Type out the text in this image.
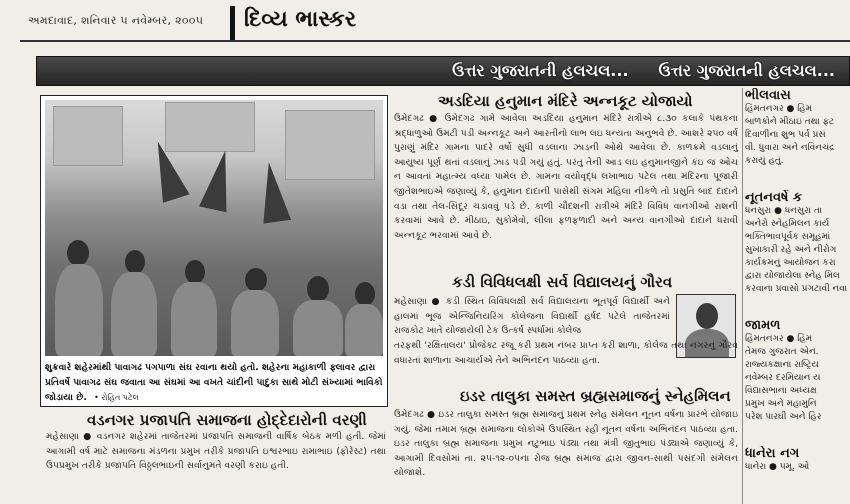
અમદાવાદ, શનિવાર ૫ નવેમ્બર, ૨૦૦૫ દિવ્ય ભાસ્કર
ઉત્તર ગુજરાતની હલચલ... ઉત્તર ગુજરાતની હલચલ...
શુક્રવારે શહેરમાંથી પાવાગઢ પગપાળા સંઘ રવાના થયો હતો. શહેરના મહાકાળી ફ્લાવર દ્વારા પ્રતિવર્ષે પાવાગઢ સંઘ જવાતા આ સંઘમાં આ વખતે ચાંદીની પાદુકા સાથે મોટી સંખ્યામાં ભાવિકો જોડાયા છે. • રોહિત પટેલ
અડદિયા હનુમાન મંદિરે અન્નકૂટ યોજાયો
ઉમેદગઢ ● ઉમેદગઢ ગામે આવેલા અડદિયા હનુમાન મંદિરે રાત્રીએ ૮.૩૦ કલાકે પંથકના શ્રદ્ધાળુઓ ઉમટી પડી અન્નકૂટ અને આરતીનો લાભ લઇ ધન્યતા અનુભવે છે. આશરે ૨૫૦ વર્ષ પુરાણું મંદિર ગામના પાદરે વર્ષો સુધી વડલાના ઝાડની ઓથે આવેલા છે. કાળક્રમે વડલાનું આયુષ્ય પૂર્ણ થતાં વડલાનું ઝાડ પડી ગયું હતું. પરંતુ તેની આડ લઇ હનુમાનજીને કંઇ જ ઓચ ન આવતાં મહાત્મ્ય વધ્યા પામેલ છે. ગામના વયોવૃદ્ધ લખાભાઇ પટેલ તથા મંદિરના પૂજારી જીતેશભાઇએ જણાવ્યું કે, હનુમાન દાદાની પાસેથી સંગમ મહિલા નીકળે તો પ્રસુતિ બાદ દાદાને વડા તથા તેલ-સિંદૂર ચડાવવું પડે છે. કાળી ચૌદશની રાત્રીએ મંદિરે વિવિધ વાનગીઓ રાશની કરવામાં આવે છે. મીઠાઇ, સુકોમેવો, લીલા ફળફળાદી અને અન્ય વાનગીઓ દાદાને ધરાવી અન્નકૂટ ભરવામાં આવે છે.
કડી વિવિધલક્ષી સર્વ વિદ્યાલયનું ગૌરવ
મહેસાણા ● કડી સ્થિત વિવિધલક્ષી સર્વ વિદ્યાલયના ભૂતપૂર્વ વિદ્યાર્થી અને હાલમાં ભૂજ એન્જિનિયરિંગ કોલેજના વિદ્યાર્થી હર્ષદ પટેલે તાજેતરમાં રાજકોટ ખાતે યોજાયેલી ટેક ઉત્કર્ષ સ્પર્ધામાં કોલેજ
તરફથી 'રક્ષિતાલય' પ્રોજેક્ટ રજૂ કરી પ્રથમ નંબર પ્રાપ્ત કરી શાળા, કોલેજ તથા નગરનું ગૌરવ વધારતાં શાળાના આચાર્યએ તેને અભિનંદન પાઠવ્યા હતા.
ઇડર તાલુકા સમસ્ત બ્રહ્મસમાજનું સ્નેહમિલન
ઉમેદગઢ ● ઇડર તાલુકા સમસ્ત બ્રહ્મ સમાજનું પ્રથમ સ્નેહ સંમેલન નૂતન વર્ષના પ્રારંભે યોજાઇ ગયું. જેમાં તમામ બ્રહ્મ સમાજના લોકોએ ઉપસ્થિત રહી નૂતન વર્ષના અભિનંદન પાઠવ્યા હતા. ઇડર તાલુકા બ્રહ્મ સમાજના પ્રમુખ નટુભાઇ પંડ્યા તથા મંત્રી જીતુભાઇ પંડ્યાએ જણાવ્યું કે, આગામી દિવસોમાં તા. ૨૫-૧૨-૦૫ના રોજ બ્રહ્મ સમાજ દ્વારા જીવન-સાથી પસંદગી સંમેલન યોજાશે.
વડનગર પ્રજાપતિ સમાજના હોદ્દેદારોની વરણી
મહેસાણા ● વડનગર શહેરમાં તાજેતરમાં પ્રજાપતિ સમાજની વાર્ષિક બેઠક મળી હતી. જેમાં આગામી વર્ષ માટે સમાજના મંડળના પ્રમુખ તરીકે પ્રજાપતિ ઇશ્વરભાઇ રામાભાઇ (ફોરેસ્ટ) તથા ઉપપ્રમુખ તરીકે પ્રજાપતિ વિઠ્ઠલભાઇની સર્વાનુમતે વરણી કરાઇ હતી.
ભીલવાસ
હિંમતનગર ● હિંમ
બાળકોને મીઠાઇ તથા ફટ
દિવાળીના શુભ પર્વ પ્રસં
વી. ધુવારા અને નવિનચંદ્ર
કરાયું હતું.
નૂતનવર્ષે ક
ધનસુરા ● ધનસુરા તા
અનેરો સ્નેહમિલન કાર્ય
ભક્તિભાવપૂર્વક સમૂહમાં
સુખાકારી રહે અને નીરોગ
કાર્યક્રમનું આયોજન કરા
દ્વારા યોજાયેલા સ્નેહ મિલ
કરવાના પ્રવાસો પ્રગટાવી નવા
જામળ
હિંમતનગર ● હિંમ
તેમજ ગુજરાત એન.
રાજ્યકક્ષાના રાષ્ટ્રિય
નવેમ્બર દરમિયાન ય
વિદ્યાસભાના અધ્યક્ષ
પ્રમુખ અને મહામુનિ
પરેશ પારઘી અને હિર
ધાનેરા નગ
ધાનેરા ● ૫મૂ. ઓ
